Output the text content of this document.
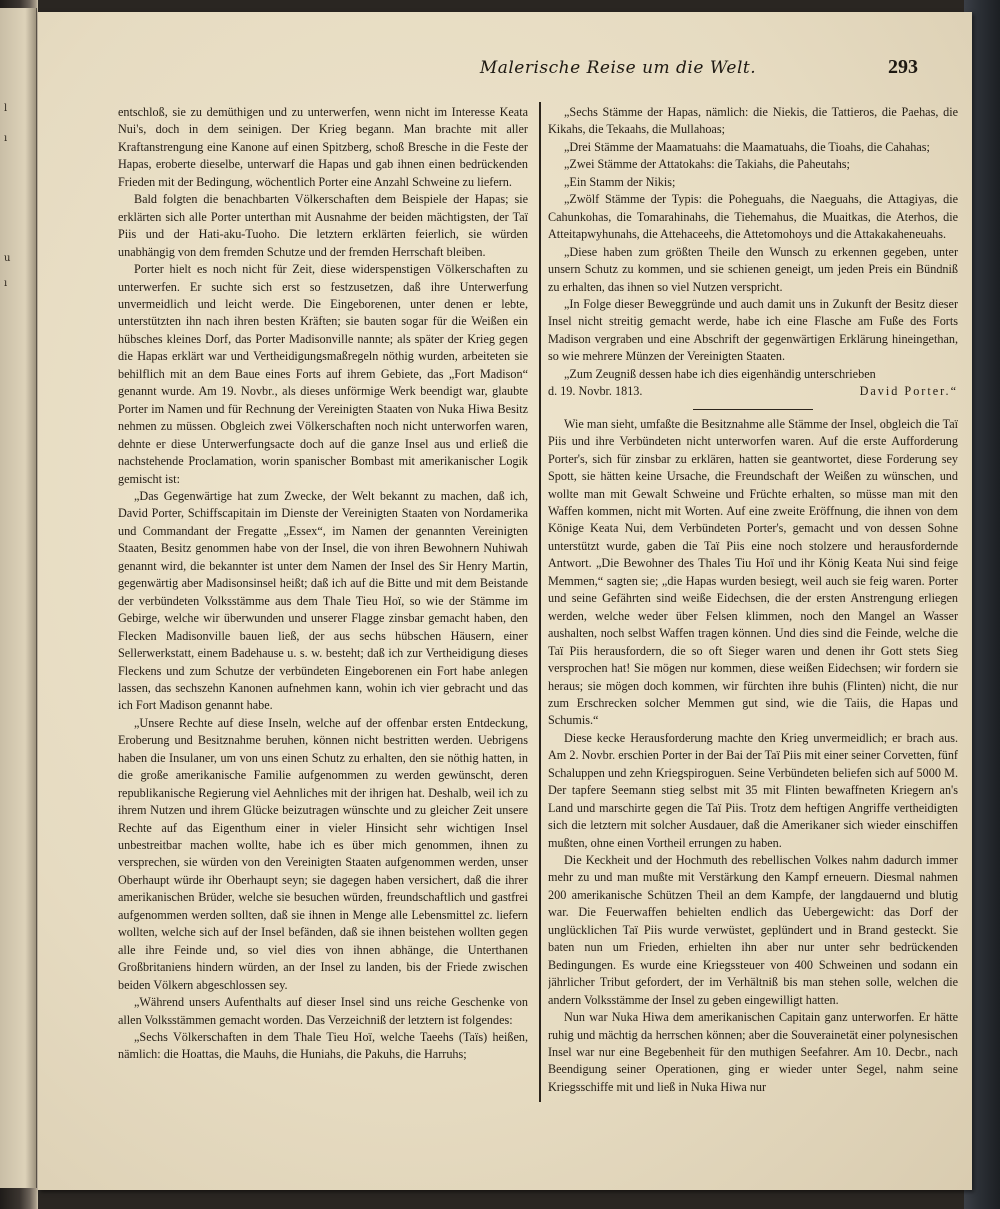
l
ı
u
ı
Malerische Reise um die Welt.	293

entschloß, sie zu demüthigen und zu unterwerfen, wenn nicht im Interesse Keata Nui's, doch in dem seinigen. Der Krieg begann. Man brachte mit aller Kraftanstrengung eine Kanone auf einen Spitzberg, schoß Bresche in die Feste der Hapas, eroberte dieselbe, unterwarf die Hapas und gab ihnen einen bedrückenden Frieden mit der Bedingung, wöchentlich Porter eine Anzahl Schweine zu liefern.

Bald folgten die benachbarten Völkerschaften dem Beispiele der Hapas; sie erklärten sich alle Porter unterthan mit Ausnahme der beiden mächtigsten, der Taï Piis und der Hati-aku-Tuoho. Die letztern erklärten feierlich, sie würden unabhängig von dem fremden Schutze und der fremden Herrschaft bleiben.

Porter hielt es noch nicht für Zeit, diese widerspenstigen Völkerschaften zu unterwerfen. Er suchte sich erst so festzusetzen, daß ihre Unterwerfung unvermeidlich und leicht werde. Die Eingeborenen, unter denen er lebte, unterstützten ihn nach ihren besten Kräften; sie bauten sogar für die Weißen ein hübsches kleines Dorf, das Porter Madisonville nannte; als später der Krieg gegen die Hapas erklärt war und Vertheidigungsmaßregeln nöthig wurden, arbeiteten sie behilflich mit an dem Baue eines Forts auf ihrem Gebiete, das „Fort Madison“ genannt wurde. Am 19. Novbr., als dieses unförmige Werk beendigt war, glaubte Porter im Namen und für Rechnung der Vereinigten Staaten von Nuka Hiwa Besitz nehmen zu müssen. Obgleich zwei Völkerschaften noch nicht unterworfen waren, dehnte er diese Unterwerfungsacte doch auf die ganze Insel aus und erließ die nachstehende Proclamation, worin spanischer Bombast mit amerikanischer Logik gemischt ist:

„Das Gegenwärtige hat zum Zwecke, der Welt bekannt zu machen, daß ich, David Porter, Schiffscapitain im Dienste der Vereinigten Staaten von Nordamerika und Commandant der Fregatte „Essex“, im Namen der genannten Vereinigten Staaten, Besitz genommen habe von der Insel, die von ihren Bewohnern Nuhiwah genannt wird, die bekannter ist unter dem Namen der Insel des Sir Henry Martin, gegenwärtig aber Madisonsinsel heißt; daß ich auf die Bitte und mit dem Beistande der verbündeten Volksstämme aus dem Thale Tieu Hoï, so wie der Stämme im Gebirge, welche wir überwunden und unserer Flagge zinsbar gemacht haben, den Flecken Madisonville bauen ließ, der aus sechs hübschen Häusern, einer Sellerwerkstatt, einem Badehause u. s. w. besteht; daß ich zur Vertheidigung dieses Fleckens und zum Schutze der verbündeten Eingeborenen ein Fort habe anlegen lassen, das sechszehn Kanonen aufnehmen kann, wohin ich vier gebracht und das ich Fort Madison genannt habe.

„Unsere Rechte auf diese Inseln, welche auf der offenbar ersten Entdeckung, Eroberung und Besitznahme beruhen, können nicht bestritten werden. Uebrigens haben die Insulaner, um von uns einen Schutz zu erhalten, den sie nöthig hatten, in die große amerikanische Familie aufgenommen zu werden gewünscht, deren republikanische Regierung viel Aehnliches mit der ihrigen hat. Deshalb, weil ich zu ihrem Nutzen und ihrem Glücke beizutragen wünschte und zu gleicher Zeit unsere Rechte auf das Eigenthum einer in vieler Hinsicht sehr wichtigen Insel unbestreitbar machen wollte, habe ich es über mich genommen, ihnen zu versprechen, sie würden von den Vereinigten Staaten aufgenommen werden, unser Oberhaupt würde ihr Oberhaupt seyn; sie dagegen haben versichert, daß die ihrer amerikanischen Brüder, welche sie besuchen würden, freundschaftlich und gastfrei aufgenommen werden sollten, daß sie ihnen in Menge alle Lebensmittel zc. liefern wollten, welche sich auf der Insel befänden, daß sie ihnen beistehen wollten gegen alle ihre Feinde und, so viel dies von ihnen abhänge, die Unterthanen Großbritaniens hindern würden, an der Insel zu landen, bis der Friede zwischen beiden Völkern abgeschlossen sey.

„Während unsers Aufenthalts auf dieser Insel sind uns reiche Geschenke von allen Volksstämmen gemacht worden. Das Verzeichniß der letztern ist folgendes:

„Sechs Völkerschaften in dem Thale Tieu Hoï, welche Taeehs (Taïs) heißen, nämlich: die Hoattas, die Mauhs, die Huniahs, die Pakuhs, die Harruhs;

„Sechs Stämme der Hapas, nämlich: die Niekis, die Tattieros, die Paehas, die Kikahs, die Tekaahs, die Mullahoas;

„Drei Stämme der Maamatuahs: die Maamatuahs, die Tioahs, die Cahahas;

„Zwei Stämme der Attatokahs: die Takiahs, die Paheutahs;

„Ein Stamm der Nikis;

„Zwölf Stämme der Typis: die Poheguahs, die Naeguahs, die Attagiyas, die Cahunkohas, die Tomarahinahs, die Tiehemahus, die Muaitkas, die Aterhos, die Atteitapwyhunahs, die Attehaceehs, die Attetomohoys und die Attakakaheneuahs.

„Diese haben zum größten Theile den Wunsch zu erkennen gegeben, unter unsern Schutz zu kommen, und sie schienen geneigt, um jeden Preis ein Bündniß zu erhalten, das ihnen so viel Nutzen verspricht.

„In Folge dieser Beweggründe und auch damit uns in Zukunft der Besitz dieser Insel nicht streitig gemacht werde, habe ich eine Flasche am Fuße des Forts Madison vergraben und eine Abschrift der gegenwärtigen Erklärung hineingethan, so wie mehrere Münzen der Vereinigten Staaten.

„Zum Zeugniß dessen habe ich dies eigenhändig unterschrieben

d. 19. Novbr. 1813.	David Porter.“

Wie man sieht, umfaßte die Besitznahme alle Stämme der Insel, obgleich die Taï Piis und ihre Verbündeten nicht unterworfen waren. Auf die erste Aufforderung Porter's, sich für zinsbar zu erklären, hatten sie geantwortet, diese Forderung sey Spott, sie hätten keine Ursache, die Freundschaft der Weißen zu wünschen, und wollte man mit Gewalt Schweine und Früchte erhalten, so müsse man mit den Waffen kommen, nicht mit Worten. Auf eine zweite Eröffnung, die ihnen von dem Könige Keata Nui, dem Verbündeten Porter's, gemacht und von dessen Sohne unterstützt wurde, gaben die Taï Piis eine noch stolzere und herausfordernde Antwort. „Die Bewohner des Thales Tiu Hoï und ihr König Keata Nui sind feige Memmen,“ sagten sie; „die Hapas wurden besiegt, weil auch sie feig waren. Porter und seine Gefährten sind weiße Eidechsen, die der ersten Anstrengung erliegen werden, welche weder über Felsen klimmen, noch den Mangel an Wasser aushalten, noch selbst Waffen tragen können. Und dies sind die Feinde, welche die Taï Piis herausfordern, die so oft Sieger waren und denen ihr Gott stets Sieg versprochen hat! Sie mögen nur kommen, diese weißen Eidechsen; wir fordern sie heraus; sie mögen doch kommen, wir fürchten ihre buhis (Flinten) nicht, die nur zum Erschrecken solcher Memmen gut sind, wie die Taiis, die Hapas und Schumis.“

Diese kecke Herausforderung machte den Krieg unvermeidlich; er brach aus. Am 2. Novbr. erschien Porter in der Bai der Taï Piis mit einer seiner Corvetten, fünf Schaluppen und zehn Kriegspiroguen. Seine Verbündeten beliefen sich auf 5000 M. Der tapfere Seemann stieg selbst mit 35 mit Flinten bewaffneten Kriegern an's Land und marschirte gegen die Taï Piis. Trotz dem heftigen Angriffe vertheidigten sich die letztern mit solcher Ausdauer, daß die Amerikaner sich wieder einschiffen mußten, ohne einen Vortheil errungen zu haben.

Die Keckheit und der Hochmuth des rebellischen Volkes nahm dadurch immer mehr zu und man mußte mit Verstärkung den Kampf erneuern. Diesmal nahmen 200 amerikanische Schützen Theil an dem Kampfe, der langdauernd und blutig war. Die Feuerwaffen behielten endlich das Uebergewicht: das Dorf der unglücklichen Taï Piis wurde verwüstet, geplündert und in Brand gesteckt. Sie baten nun um Frieden, erhielten ihn aber nur unter sehr bedrückenden Bedingungen. Es wurde eine Kriegssteuer von 400 Schweinen und sodann ein jährlicher Tribut gefordert, der im Verhältniß bis man stehen solle, welchen die andern Volksstämme der Insel zu geben eingewilligt hatten.

Nun war Nuka Hiwa dem amerikanischen Capitain ganz unterworfen. Er hätte ruhig und mächtig da herrschen können; aber die Souverainetät einer polynesischen Insel war nur eine Begebenheit für den muthigen Seefahrer. Am 10. Decbr., nach Beendigung seiner Operationen, ging er wieder unter Segel, nahm seine Kriegsschiffe mit und ließ in Nuka Hiwa nur
